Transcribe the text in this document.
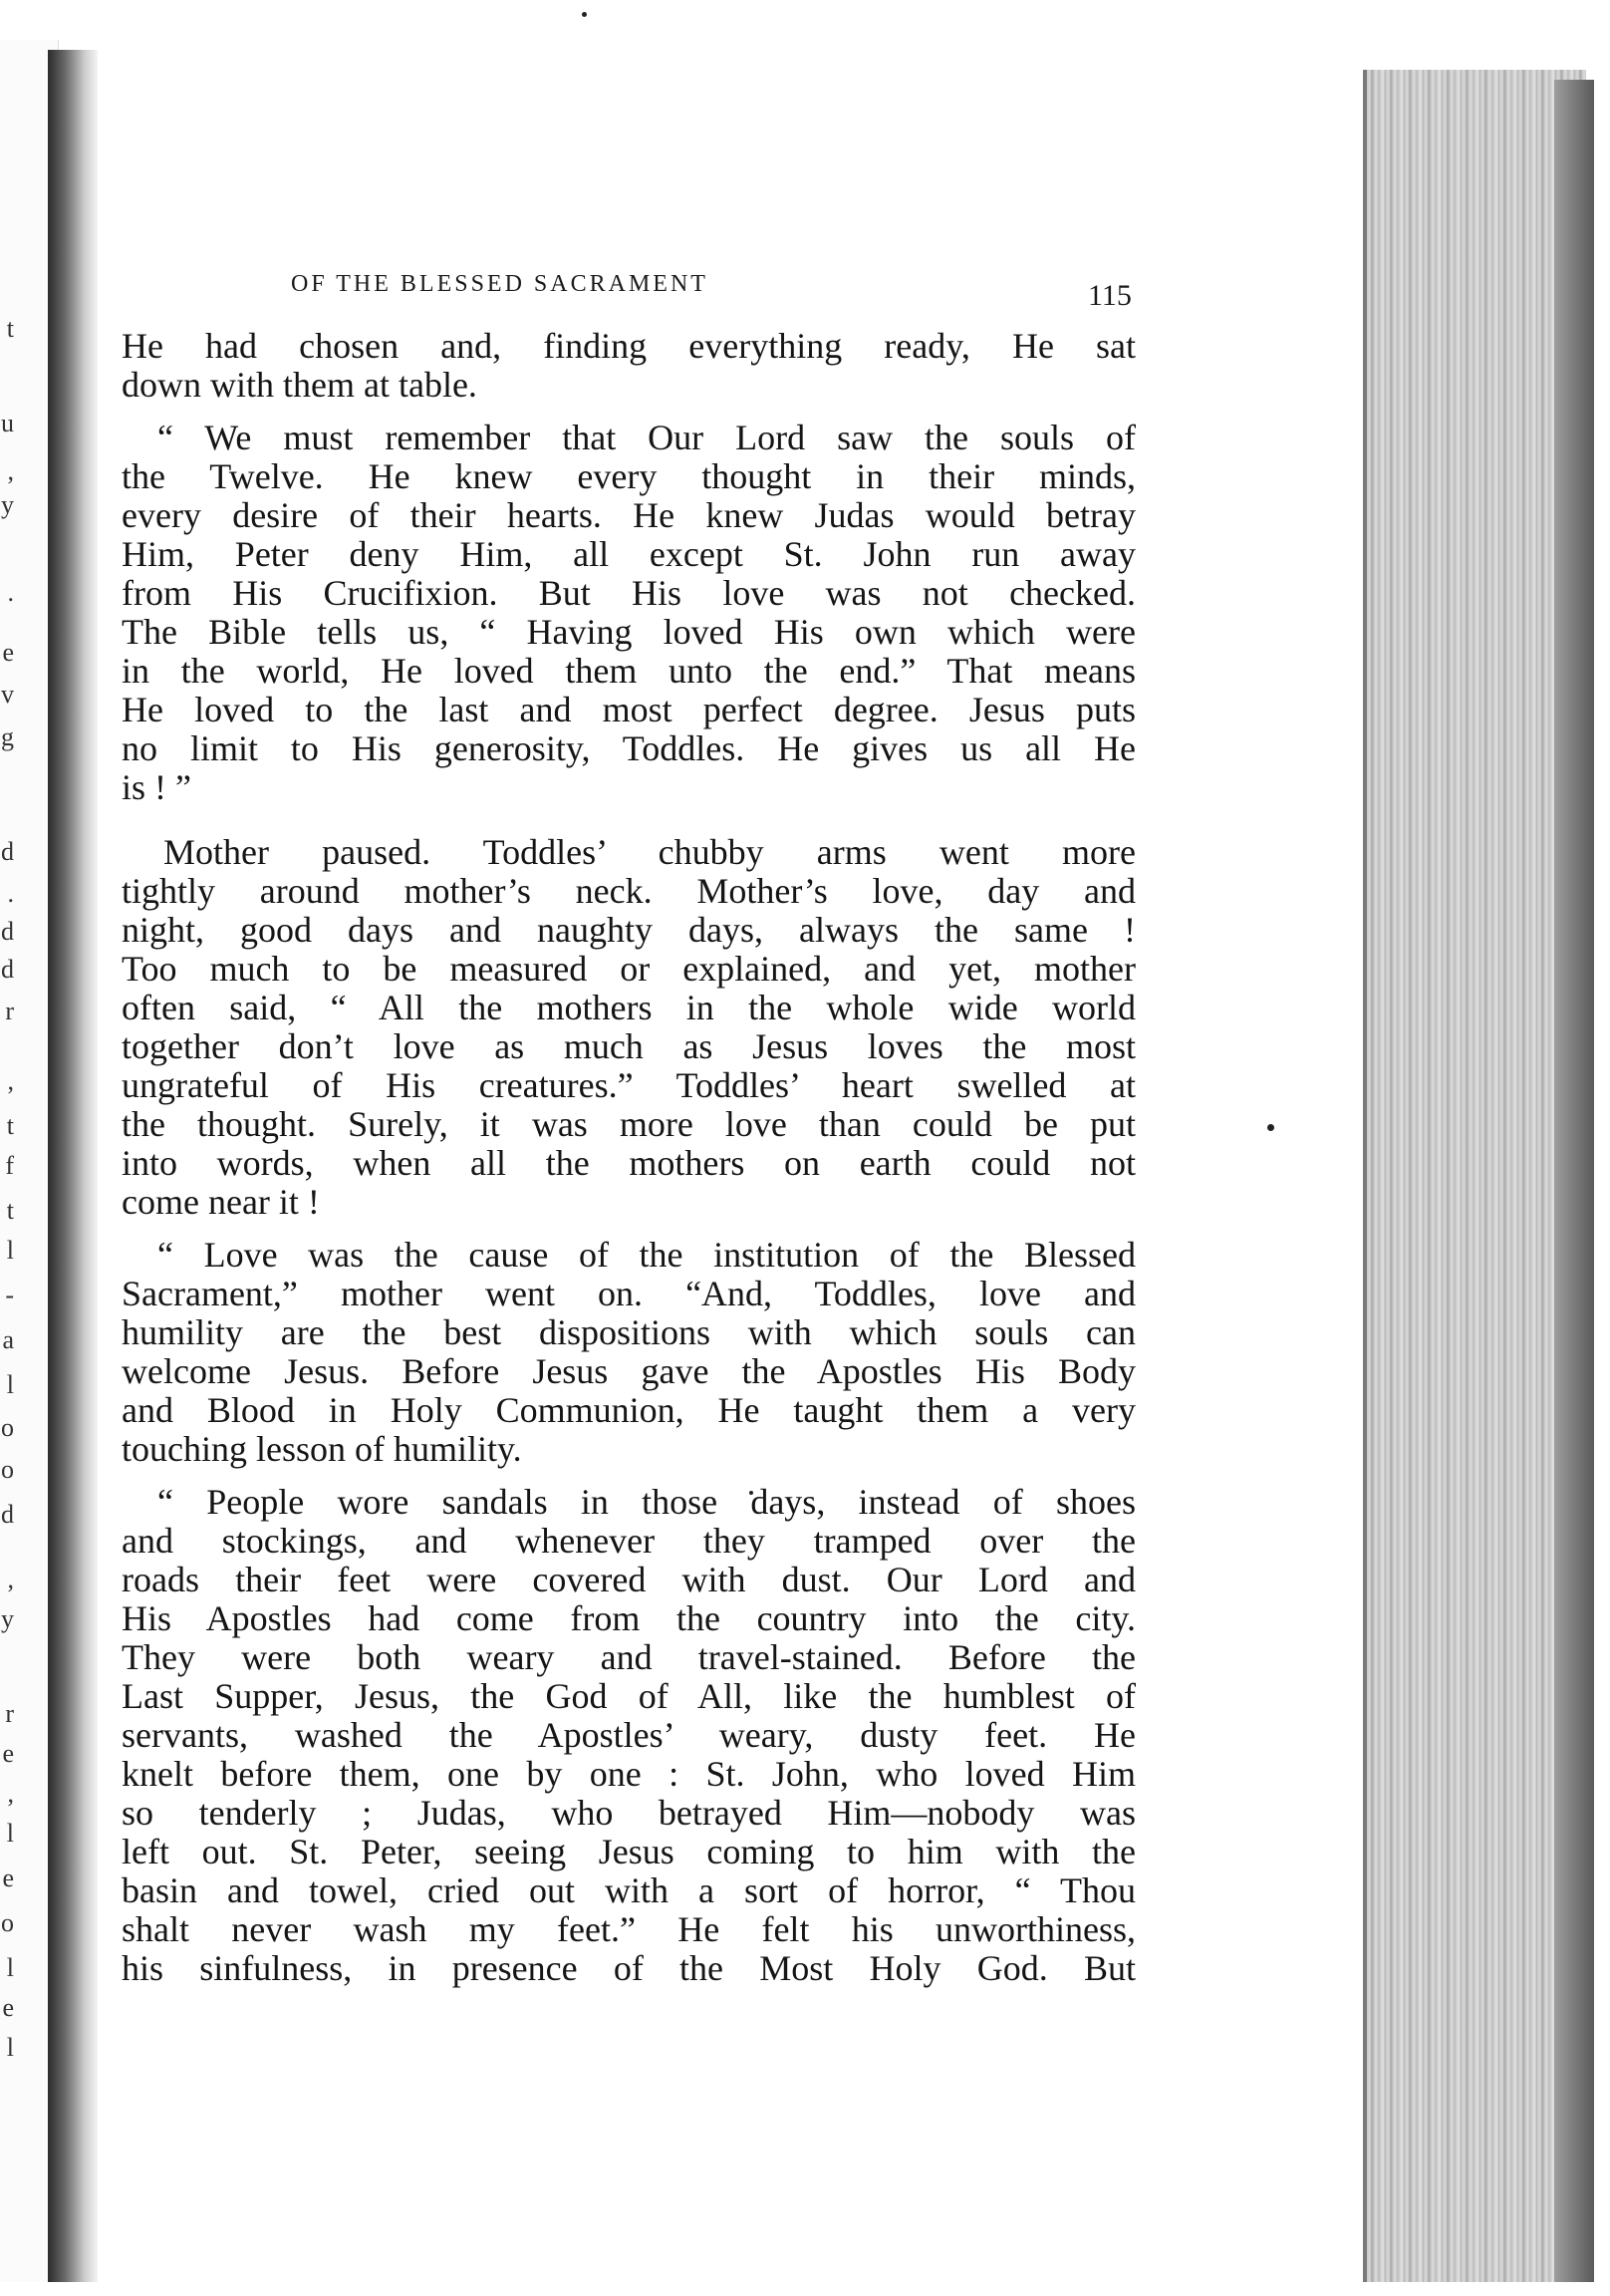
t
u
,
y
.
e
v
g
d
.
d
d
r
,
t
f
t
l
-
a
l
o
o
d
,
y
r
e
,
l
e
o
l
e
l
OF THE BLESSED SACRAMENT	115
He had chosen and, finding everything ready, He sat
down with them at table.
“ We must remember that Our Lord saw the souls of
the Twelve. He knew every thought in their minds,
every desire of their hearts. He knew Judas would betray
Him, Peter deny Him, all except St. John run away
from His Crucifixion. But His love was not checked.
The Bible tells us, “ Having loved His own which were
in the world, He loved them unto the end.” That means
He loved to the last and most perfect degree. Jesus puts
no limit to His generosity, Toddles. He gives us all He
is ! ”
Mother paused. Toddles’ chubby arms went more
tightly around mother’s neck. Mother’s love, day and
night, good days and naughty days, always the same !
Too much to be measured or explained, and yet, mother
often said, “ All the mothers in the whole wide world
together don’t love as much as Jesus loves the most
ungrateful of His creatures.” Toddles’ heart swelled at
the thought. Surely, it was more love than could be put
into words, when all the mothers on earth could not
come near it !
“ Love was the cause of the institution of the Blessed
Sacrament,” mother went on. “And, Toddles, love and
humility are the best dispositions with which souls can
welcome Jesus. Before Jesus gave the Apostles His Body
and Blood in Holy Communion, He taught them a very
touching lesson of humility.
“ People wore sandals in those days, instead of shoes
and stockings, and whenever they tramped over the
roads their feet were covered with dust. Our Lord and
His Apostles had come from the country into the city.
They were both weary and travel-stained. Before the
Last Supper, Jesus, the God of All, like the humblest of
servants, washed the Apostles’ weary, dusty feet. He
knelt before them, one by one : St. John, who loved Him
so tenderly ; Judas, who betrayed Him—nobody was
left out. St. Peter, seeing Jesus coming to him with the
basin and towel, cried out with a sort of horror, “ Thou
shalt never wash my feet.” He felt his unworthiness,
his sinfulness, in presence of the Most Holy God. But
